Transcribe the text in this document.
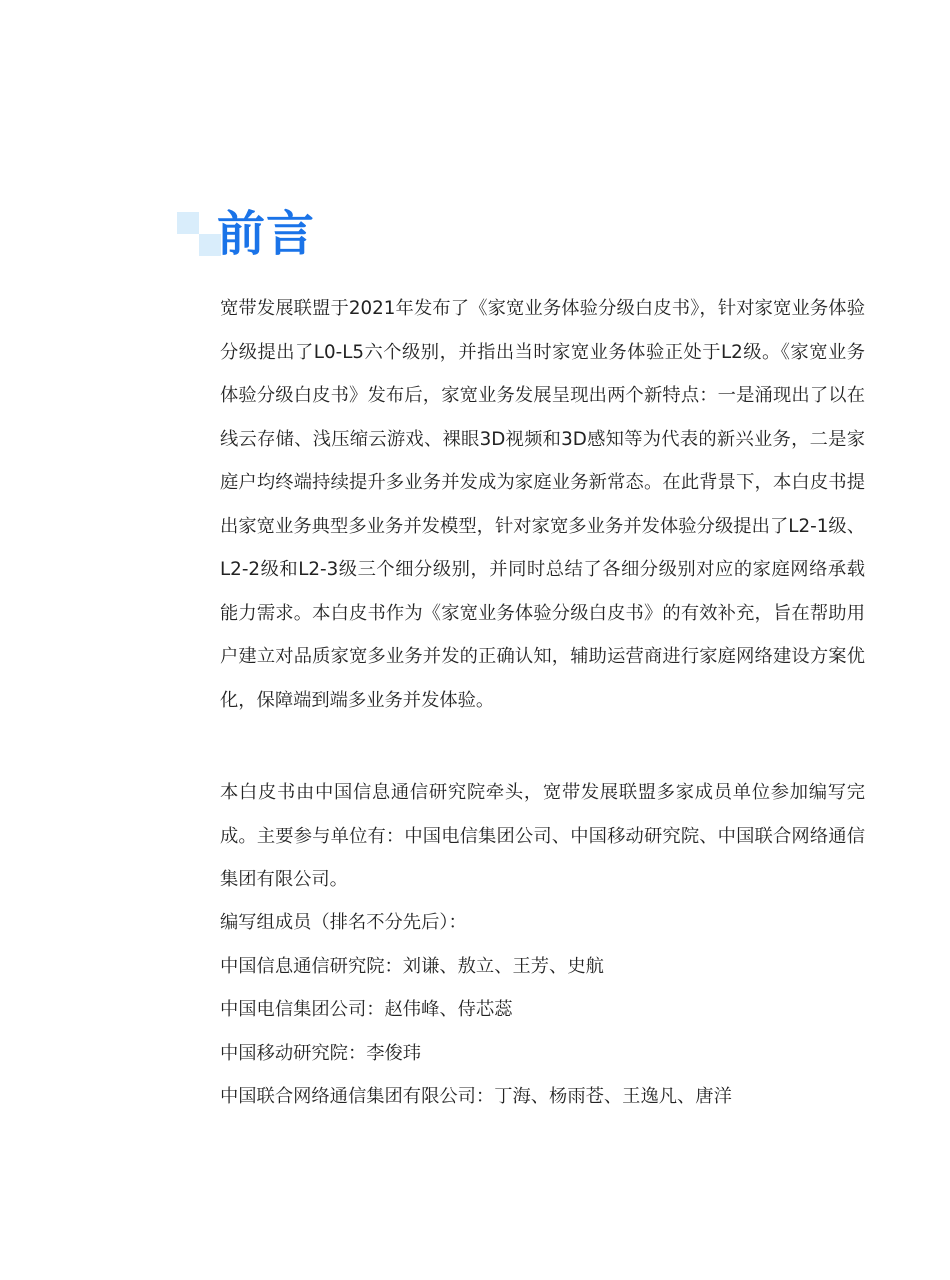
前言

宽带发展联盟于2021年发布了《家宽业务体验分级白皮书》，针对家宽业务体验分级提出了L0-L5六个级别，并指出当时家宽业务体验正处于L2级。《家宽业务体验分级白皮书》发布后，家宽业务发展呈现出两个新特点：一是涌现出了以在线云存储、浅压缩云游戏、裸眼3D视频和3D感知等为代表的新兴业务，二是家庭户均终端持续提升多业务并发成为家庭业务新常态。在此背景下，本白皮书提出家宽业务典型多业务并发模型，针对家宽多业务并发体验分级提出了L2-1级、L2-2级和L2-3级三个细分级别，并同时总结了各细分级别对应的家庭网络承载能力需求。本白皮书作为《家宽业务体验分级白皮书》的有效补充，旨在帮助用户建立对品质家宽多业务并发的正确认知，辅助运营商进行家庭网络建设方案优化，保障端到端多业务并发体验。

本白皮书由中国信息通信研究院牵头，宽带发展联盟多家成员单位参加编写完成。主要参与单位有：中国电信集团公司、中国移动研究院、中国联合网络通信集团有限公司。

编写组成员（排名不分先后）：
中国信息通信研究院：刘谦、敖立、王芳、史航
中国电信集团公司：赵伟峰、侍芯蕊
中国移动研究院：李俊玮
中国联合网络通信集团有限公司：丁海、杨雨苍、王逸凡、唐洋
